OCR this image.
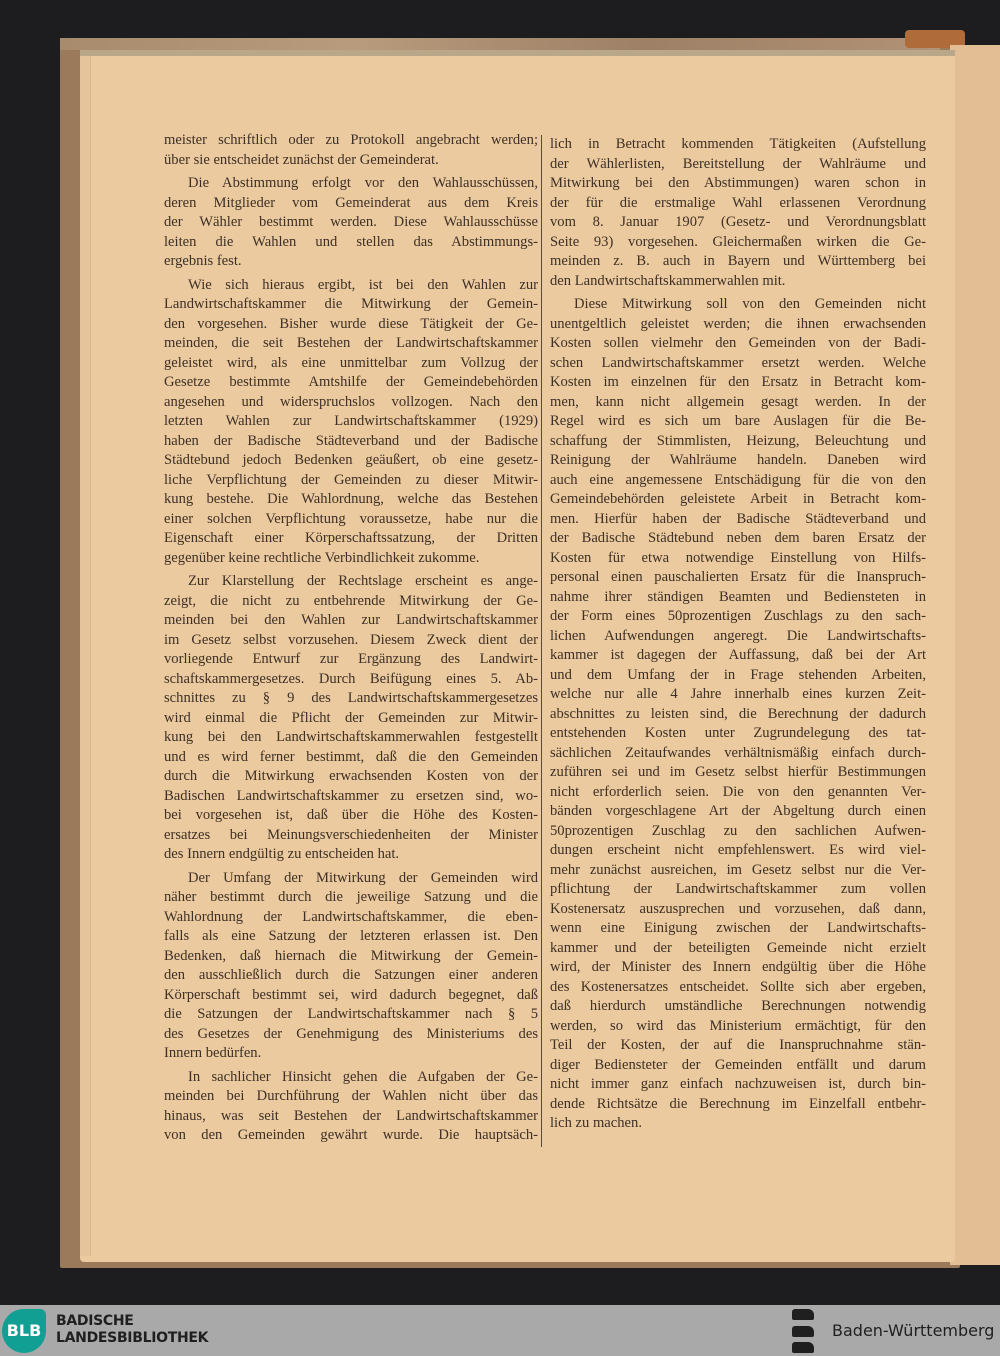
meister schriftlich oder zu Protokoll angebracht werden;
über sie entscheidet zunächst der Gemeinderat.
Die Abstimmung erfolgt vor den Wahlausschüssen,
deren Mitglieder vom Gemeinderat aus dem Kreis
der Wähler bestimmt werden. Diese Wahlausschüsse
leiten die Wahlen und stellen das Abstimmungs-
ergebnis fest.
Wie sich hieraus ergibt, ist bei den Wahlen zur
Landwirtschaftskammer die Mitwirkung der Gemein-
den vorgesehen. Bisher wurde diese Tätigkeit der Ge-
meinden, die seit Bestehen der Landwirtschaftskammer
geleistet wird, als eine unmittelbar zum Vollzug der
Gesetze bestimmte Amtshilfe der Gemeindebehörden
angesehen und widerspruchslos vollzogen. Nach den
letzten Wahlen zur Landwirtschaftskammer (1929)
haben der Badische Städteverband und der Badische
Städtebund jedoch Bedenken geäußert, ob eine gesetz-
liche Verpflichtung der Gemeinden zu dieser Mitwir-
kung bestehe. Die Wahlordnung, welche das Bestehen
einer solchen Verpflichtung voraussetze, habe nur die
Eigenschaft einer Körperschaftssatzung, der Dritten
gegenüber keine rechtliche Verbindlichkeit zukomme.
Zur Klarstellung der Rechtslage erscheint es ange-
zeigt, die nicht zu entbehrende Mitwirkung der Ge-
meinden bei den Wahlen zur Landwirtschaftskammer
im Gesetz selbst vorzusehen. Diesem Zweck dient der
vorliegende Entwurf zur Ergänzung des Landwirt-
schaftskammergesetzes. Durch Beifügung eines 5. Ab-
schnittes zu § 9 des Landwirtschaftskammergesetzes
wird einmal die Pflicht der Gemeinden zur Mitwir-
kung bei den Landwirtschaftskammerwahlen festgestellt
und es wird ferner bestimmt, daß die den Gemeinden
durch die Mitwirkung erwachsenden Kosten von der
Badischen Landwirtschaftskammer zu ersetzen sind, wo-
bei vorgesehen ist, daß über die Höhe des Kosten-
ersatzes bei Meinungsverschiedenheiten der Minister
des Innern endgültig zu entscheiden hat.
Der Umfang der Mitwirkung der Gemeinden wird
näher bestimmt durch die jeweilige Satzung und die
Wahlordnung der Landwirtschaftskammer, die eben-
falls als eine Satzung der letzteren erlassen ist. Den
Bedenken, daß hiernach die Mitwirkung der Gemein-
den ausschließlich durch die Satzungen einer anderen
Körperschaft bestimmt sei, wird dadurch begegnet, daß
die Satzungen der Landwirtschaftskammer nach § 5
des Gesetzes der Genehmigung des Ministeriums des
Innern bedürfen.
In sachlicher Hinsicht gehen die Aufgaben der Ge-
meinden bei Durchführung der Wahlen nicht über das
hinaus, was seit Bestehen der Landwirtschaftskammer
von den Gemeinden gewährt wurde. Die hauptsäch-
lich in Betracht kommenden Tätigkeiten (Aufstellung
der Wählerlisten, Bereitstellung der Wahlräume und
Mitwirkung bei den Abstimmungen) waren schon in
der für die erstmalige Wahl erlassenen Verordnung
vom 8. Januar 1907 (Gesetz- und Verordnungsblatt
Seite 93) vorgesehen. Gleichermaßen wirken die Ge-
meinden z. B. auch in Bayern und Württemberg bei
den Landwirtschaftskammerwahlen mit.
Diese Mitwirkung soll von den Gemeinden nicht
unentgeltlich geleistet werden; die ihnen erwachsenden
Kosten sollen vielmehr den Gemeinden von der Badi-
schen Landwirtschaftskammer ersetzt werden. Welche
Kosten im einzelnen für den Ersatz in Betracht kom-
men, kann nicht allgemein gesagt werden. In der
Regel wird es sich um bare Auslagen für die Be-
schaffung der Stimmlisten, Heizung, Beleuchtung und
Reinigung der Wahlräume handeln. Daneben wird
auch eine angemessene Entschädigung für die von den
Gemeindebehörden geleistete Arbeit in Betracht kom-
men. Hierfür haben der Badische Städteverband und
der Badische Städtebund neben dem baren Ersatz der
Kosten für etwa notwendige Einstellung von Hilfs-
personal einen pauschalierten Ersatz für die Inanspruch-
nahme ihrer ständigen Beamten und Bediensteten in
der Form eines 50prozentigen Zuschlags zu den sach-
lichen Aufwendungen angeregt. Die Landwirtschafts-
kammer ist dagegen der Auffassung, daß bei der Art
und dem Umfang der in Frage stehenden Arbeiten,
welche nur alle 4 Jahre innerhalb eines kurzen Zeit-
abschnittes zu leisten sind, die Berechnung der dadurch
entstehenden Kosten unter Zugrundelegung des tat-
sächlichen Zeitaufwandes verhältnismäßig einfach durch-
zuführen sei und im Gesetz selbst hierfür Bestimmungen
nicht erforderlich seien. Die von den genannten Ver-
bänden vorgeschlagene Art der Abgeltung durch einen
50prozentigen Zuschlag zu den sachlichen Aufwen-
dungen erscheint nicht empfehlenswert. Es wird viel-
mehr zunächst ausreichen, im Gesetz selbst nur die Ver-
pflichtung der Landwirtschaftskammer zum vollen
Kostenersatz auszusprechen und vorzusehen, daß dann,
wenn eine Einigung zwischen der Landwirtschafts-
kammer und der beteiligten Gemeinde nicht erzielt
wird, der Minister des Innern endgültig über die Höhe
des Kostenersatzes entscheidet. Sollte sich aber ergeben,
daß hierdurch umständliche Berechnungen notwendig
werden, so wird das Ministerium ermächtigt, für den
Teil der Kosten, der auf die Inanspruchnahme stän-
diger Bediensteter der Gemeinden entfällt und darum
nicht immer ganz einfach nachzuweisen ist, durch bin-
dende Richtsätze die Berechnung im Einzelfall entbehr-
lich zu machen.
BLB	BADISCHE
LANDESBIBLIOTHEK	Baden-Württemberg
